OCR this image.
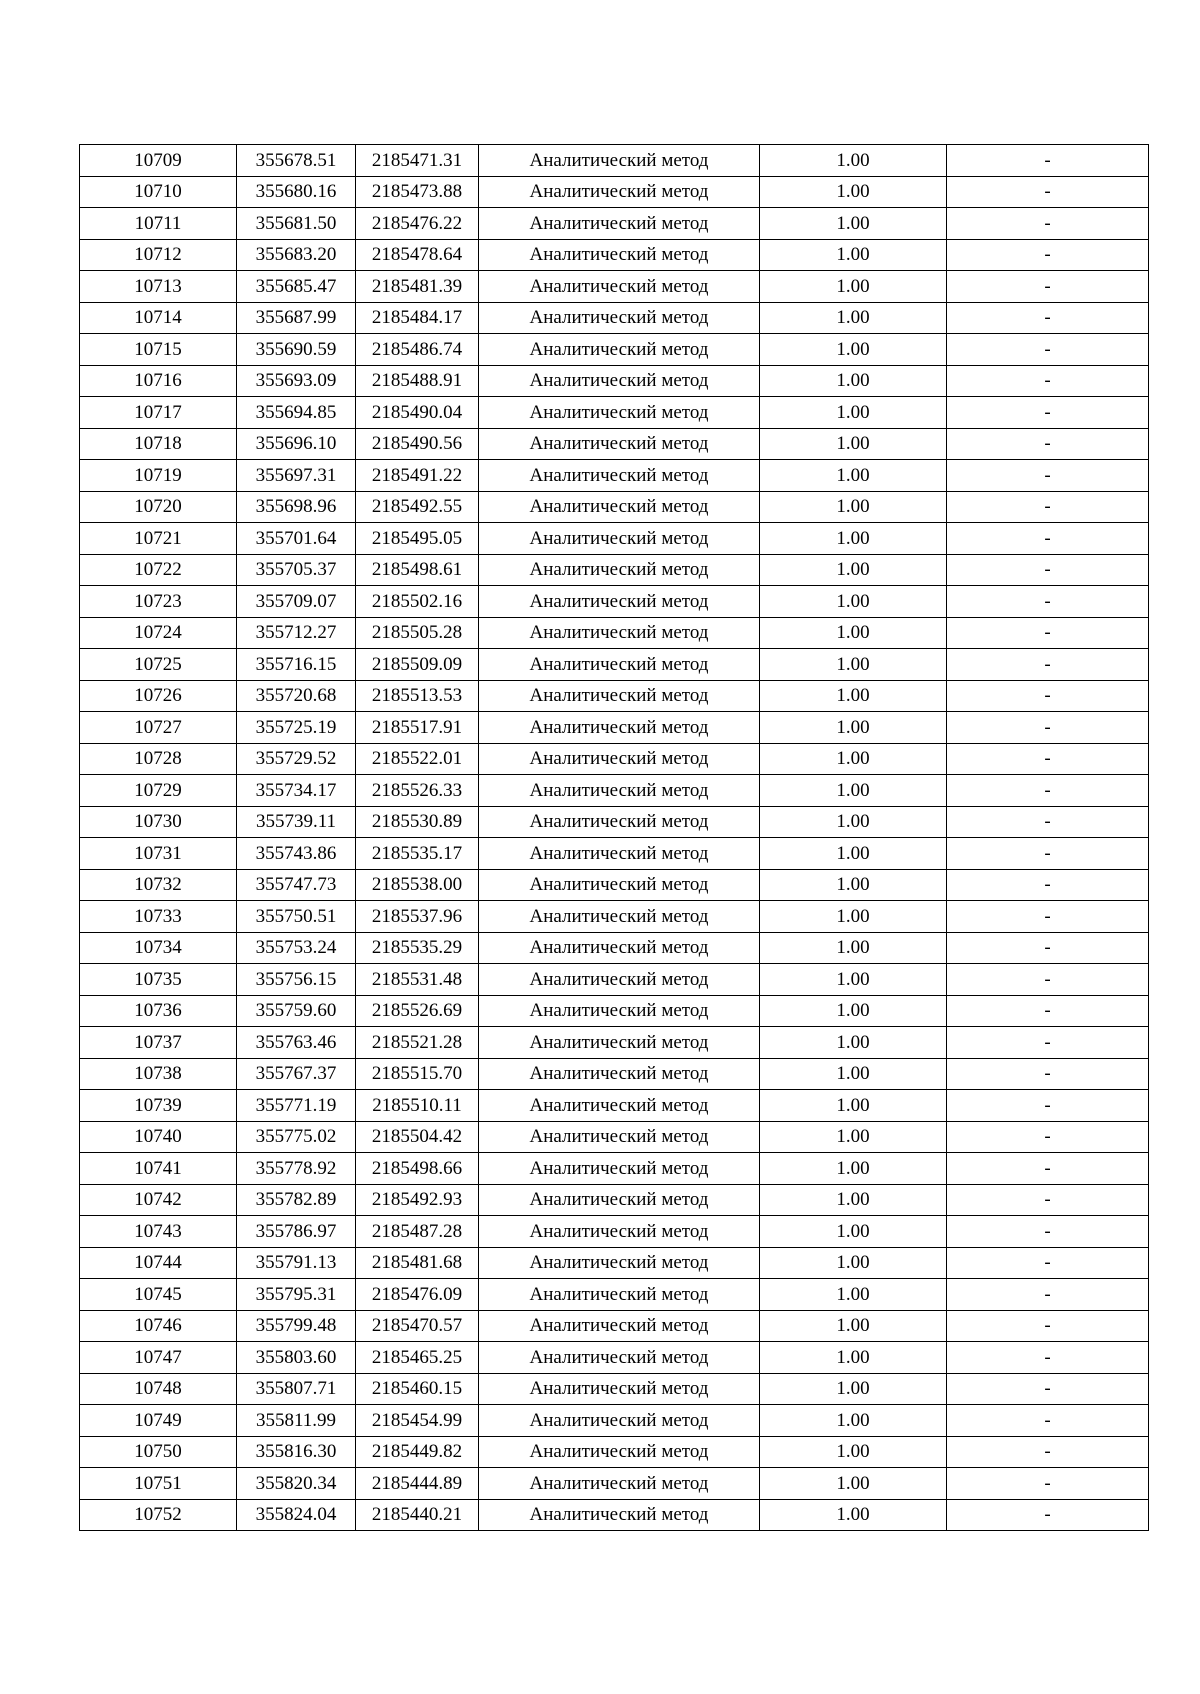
10709	355678.51	2185471.31	Аналитический метод	1.00	-
10710	355680.16	2185473.88	Аналитический метод	1.00	-
10711	355681.50	2185476.22	Аналитический метод	1.00	-
10712	355683.20	2185478.64	Аналитический метод	1.00	-
10713	355685.47	2185481.39	Аналитический метод	1.00	-
10714	355687.99	2185484.17	Аналитический метод	1.00	-
10715	355690.59	2185486.74	Аналитический метод	1.00	-
10716	355693.09	2185488.91	Аналитический метод	1.00	-
10717	355694.85	2185490.04	Аналитический метод	1.00	-
10718	355696.10	2185490.56	Аналитический метод	1.00	-
10719	355697.31	2185491.22	Аналитический метод	1.00	-
10720	355698.96	2185492.55	Аналитический метод	1.00	-
10721	355701.64	2185495.05	Аналитический метод	1.00	-
10722	355705.37	2185498.61	Аналитический метод	1.00	-
10723	355709.07	2185502.16	Аналитический метод	1.00	-
10724	355712.27	2185505.28	Аналитический метод	1.00	-
10725	355716.15	2185509.09	Аналитический метод	1.00	-
10726	355720.68	2185513.53	Аналитический метод	1.00	-
10727	355725.19	2185517.91	Аналитический метод	1.00	-
10728	355729.52	2185522.01	Аналитический метод	1.00	-
10729	355734.17	2185526.33	Аналитический метод	1.00	-
10730	355739.11	2185530.89	Аналитический метод	1.00	-
10731	355743.86	2185535.17	Аналитический метод	1.00	-
10732	355747.73	2185538.00	Аналитический метод	1.00	-
10733	355750.51	2185537.96	Аналитический метод	1.00	-
10734	355753.24	2185535.29	Аналитический метод	1.00	-
10735	355756.15	2185531.48	Аналитический метод	1.00	-
10736	355759.60	2185526.69	Аналитический метод	1.00	-
10737	355763.46	2185521.28	Аналитический метод	1.00	-
10738	355767.37	2185515.70	Аналитический метод	1.00	-
10739	355771.19	2185510.11	Аналитический метод	1.00	-
10740	355775.02	2185504.42	Аналитический метод	1.00	-
10741	355778.92	2185498.66	Аналитический метод	1.00	-
10742	355782.89	2185492.93	Аналитический метод	1.00	-
10743	355786.97	2185487.28	Аналитический метод	1.00	-
10744	355791.13	2185481.68	Аналитический метод	1.00	-
10745	355795.31	2185476.09	Аналитический метод	1.00	-
10746	355799.48	2185470.57	Аналитический метод	1.00	-
10747	355803.60	2185465.25	Аналитический метод	1.00	-
10748	355807.71	2185460.15	Аналитический метод	1.00	-
10749	355811.99	2185454.99	Аналитический метод	1.00	-
10750	355816.30	2185449.82	Аналитический метод	1.00	-
10751	355820.34	2185444.89	Аналитический метод	1.00	-
10752	355824.04	2185440.21	Аналитический метод	1.00	-
